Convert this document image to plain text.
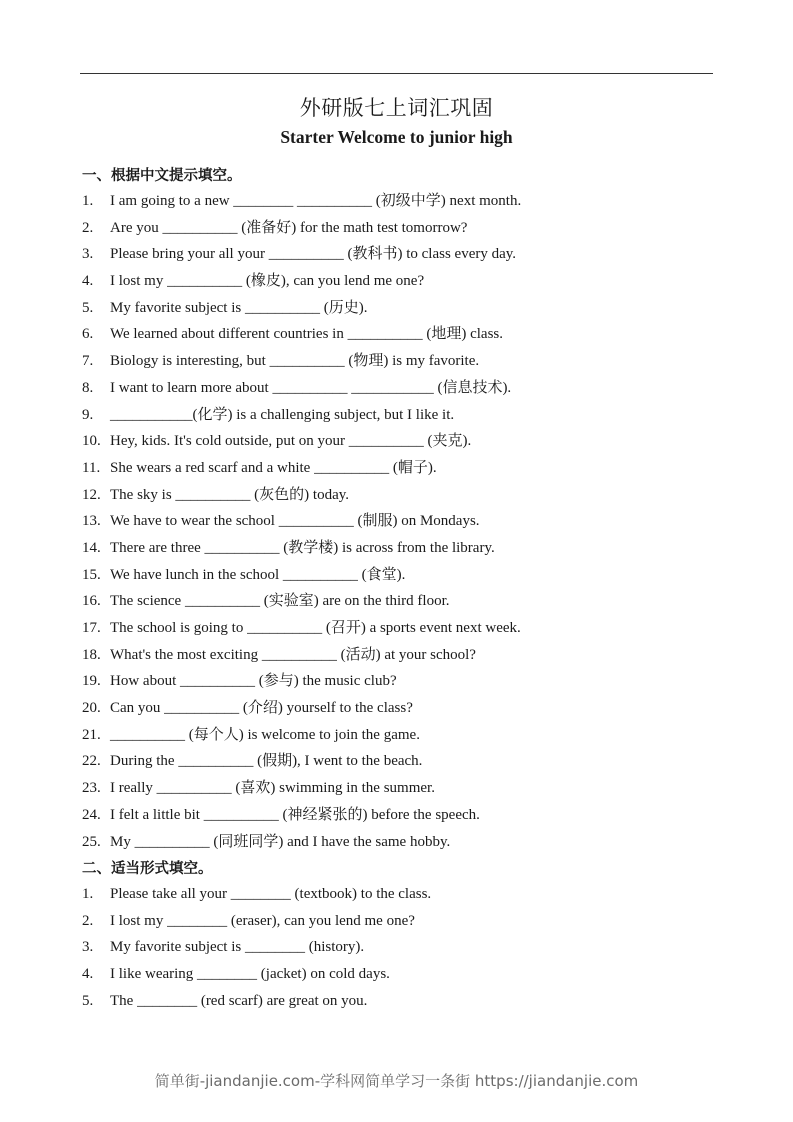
外研版七上词汇巩固
Starter Welcome to junior high
一、根据中文提示填空。
1.	I am going to a new ________ __________ (初级中学) next month.
2.	Are you __________ (准备好) for the math test tomorrow?
3.	Please bring your all your __________ (教科书) to class every day.
4.	I lost my __________ (橡皮), can you lend me one?
5.	My favorite subject is __________ (历史).
6.	We learned about different countries in __________ (地理) class.
7.	Biology is interesting, but __________ (物理) is my favorite.
8.	I want to learn more about __________ ___________ (信息技术).
9.	___________(化学) is a challenging subject, but I like it.
10. Hey, kids. It's cold outside, put on your __________ (夹克).
11. She wears a red scarf and a white __________ (帽子).
12. The sky is __________ (灰色的) today.
13. We have to wear the school __________ (制服) on Mondays.
14. There are three __________ (教学楼) is across from the library.
15. We have lunch in the school __________ (食堂).
16. The science __________ (实验室) are on the third floor.
17. The school is going to __________ (召开) a sports event next week.
18. What's the most exciting __________ (活动) at your school?
19. How about __________ (参与) the music club?
20. Can you __________ (介绍) yourself to the class?
21. __________ (每个人) is welcome to join the game.
22. During the __________ (假期), I went to the beach.
23. I really __________ (喜欢) swimming in the summer.
24. I felt a little bit __________ (神经紧张的) before the speech.
25. My __________ (同班同学) and I have the same hobby.
二、适当形式填空。
1.	Please take all your ________ (textbook) to the class.
2.	I lost my ________ (eraser), can you lend me one?
3.	My favorite subject is ________ (history).
4.	I like wearing ________ (jacket) on cold days.
5.	The ________ (red scarf) are great on you.
简单街-jiandanjie.com-学科网简单学习一条街 https://jiandanjie.com
